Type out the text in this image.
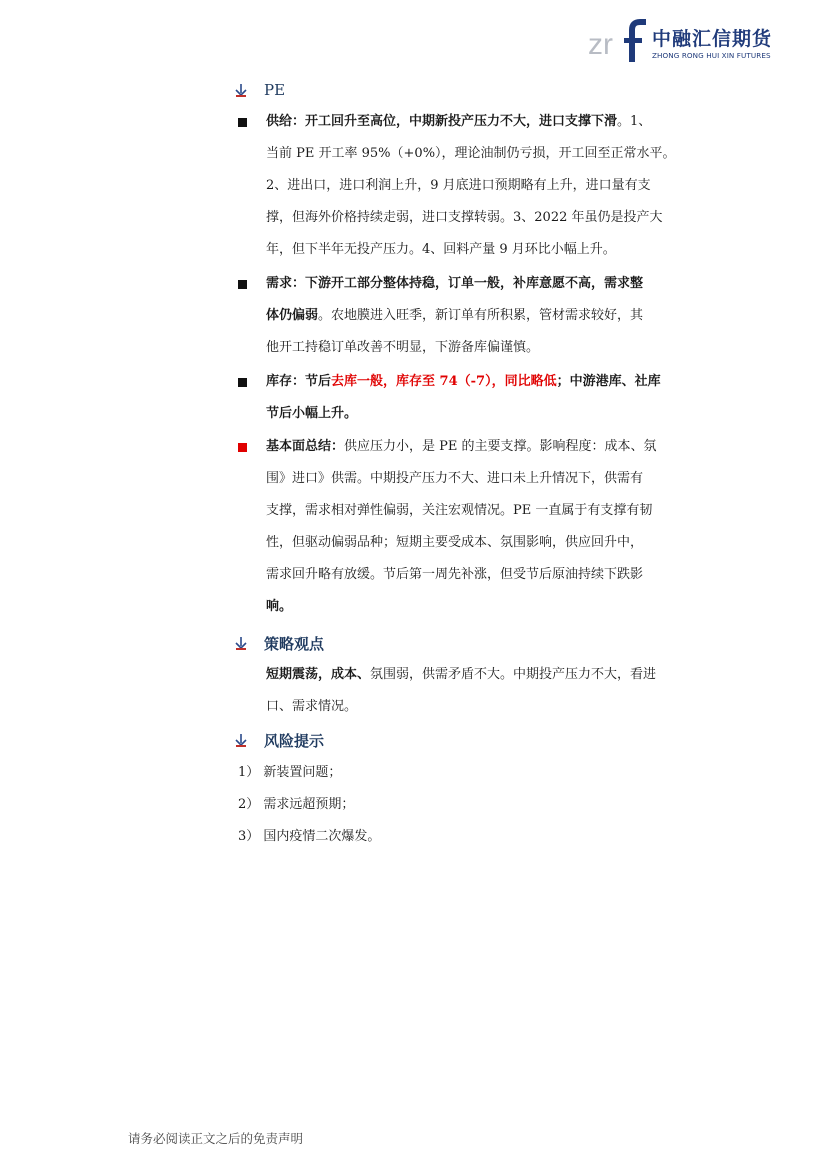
zr 中融汇信期货
ZHONG RONG HUI XIN FUTURES
PE
供给：开工回升至高位，中期新投产压力不大，进口支撑下滑。1、
当前 PE 开工率 95%（+0%），理论油制仍亏损，开工回至正常水平。
2、进出口，进口利润上升，9 月底进口预期略有上升，进口量有支
撑，但海外价格持续走弱，进口支撑转弱。3、2022 年虽仍是投产大
年，但下半年无投产压力。4、回料产量 9 月环比小幅上升。
需求：下游开工部分整体持稳，订单一般，补库意愿不高，需求整
体仍偏弱。农地膜进入旺季，新订单有所积累，管材需求较好，其
他开工持稳订单改善不明显，下游备库偏谨慎。
库存：节后去库一般，库存至 74（-7），同比略低；中游港库、社库
节后小幅上升。
基本面总结：供应压力小，是 PE 的主要支撑。影响程度：成本、氛
围》进口》供需。中期投产压力不大、进口未上升情况下，供需有
支撑，需求相对弹性偏弱，关注宏观情况。PE 一直属于有支撑有韧
性，但驱动偏弱品种；短期主要受成本、氛围影响，供应回升中，
需求回升略有放缓。节后第一周先补涨，但受节后原油持续下跌影
响。
策略观点
短期震荡，成本、氛围弱，供需矛盾不大。中期投产压力不大，看进
口、需求情况。
风险提示
1） 新装置问题；
2） 需求远超预期；
3） 国内疫情二次爆发。
请务必阅读正文之后的免责声明
